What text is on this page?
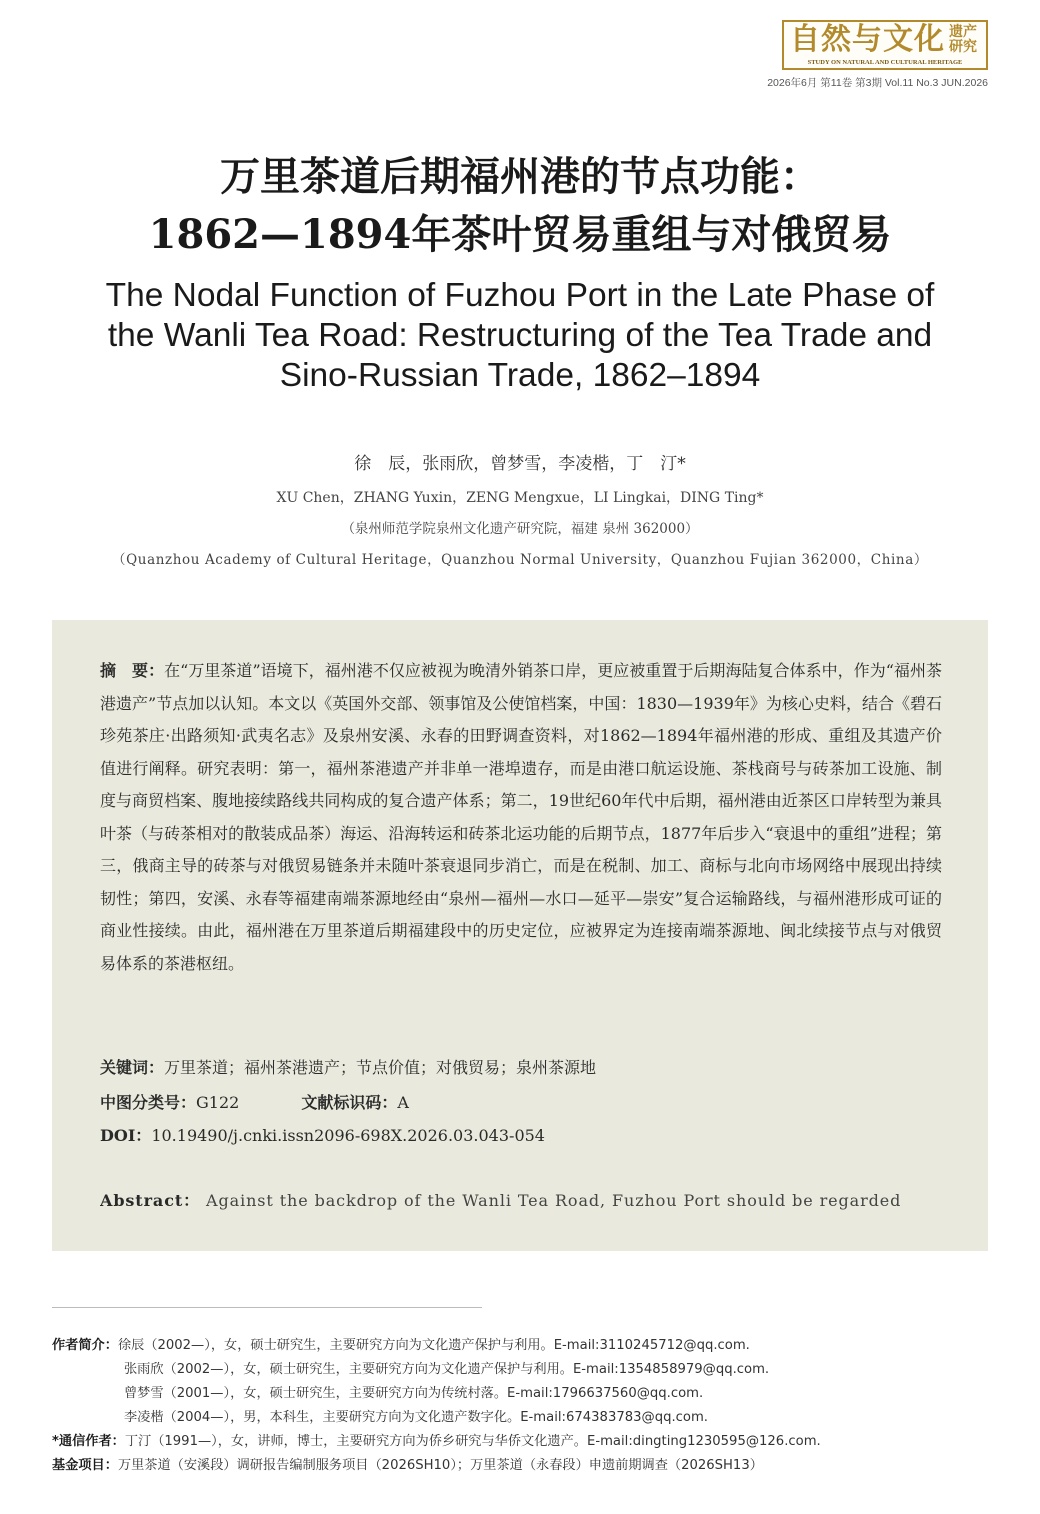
自然与文化 遗产
研究
STUDY ON NATURAL AND CULTURAL HERITAGE
2026年6月 第11卷 第3期 Vol.11 No.3 JUN.2026
万里茶道后期福州港的节点功能：
1862—1894年茶叶贸易重组与对俄贸易
The Nodal Function of Fuzhou Port in the Late Phase of
the Wanli Tea Road: Restructuring of the Tea Trade and
Sino-Russian Trade, 1862–1894
徐　辰，张雨欣，曾梦雪，李凌楷，丁　汀*
XU Chen，ZHANG Yuxin，ZENG Mengxue，LI Lingkai，DING Ting*
（泉州师范学院泉州文化遗产研究院，福建 泉州 362000）
（Quanzhou Academy of Cultural Heritage，Quanzhou Normal University，Quanzhou Fujian 362000，China）
摘　要：在“万里茶道”语境下，福州港不仅应被视为晚清外销茶口岸，更应被重置于后期海陆复合体系中，作为“福州茶港遗产”节点加以认知。本文以《英国外交部、领事馆及公使馆档案，中国：1830—1939年》为核心史料，结合《碧石珍苑茶庄·出路须知·武夷名志》及泉州安溪、永春的田野调查资料，对1862—1894年福州港的形成、重组及其遗产价值进行阐释。研究表明：第一，福州茶港遗产并非单一港埠遗存，而是由港口航运设施、茶栈商号与砖茶加工设施、制度与商贸档案、腹地接续路线共同构成的复合遗产体系；第二，19世纪60年代中后期，福州港由近茶区口岸转型为兼具叶茶（与砖茶相对的散装成品茶）海运、沿海转运和砖茶北运功能的后期节点，1877年后步入“衰退中的重组”进程；第三，俄商主导的砖茶与对俄贸易链条并未随叶茶衰退同步消亡，而是在税制、加工、商标与北向市场网络中展现出持续韧性；第四，安溪、永春等福建南端茶源地经由“泉州—福州—水口—延平—崇安”复合运输路线，与福州港形成可证的商业性接续。由此，福州港在万里茶道后期福建段中的历史定位，应被界定为连接南端茶源地、闽北续接节点与对俄贸易体系的茶港枢纽。
关键词：万里茶道；福州茶港遗产；节点价值；对俄贸易；泉州茶源地
中图分类号：G122	文献标识码：A
DOI：10.19490/j.cnki.issn2096-698X.2026.03.043-054
Abstract： Against the backdrop of the Wanli Tea Road, Fuzhou Port should be regarded
作者简介：徐辰（2002—），女，硕士研究生，主要研究方向为文化遗产保护与利用。E-mail:3110245712@qq.com.
张雨欣（2002—），女，硕士研究生，主要研究方向为文化遗产保护与利用。E-mail:1354858979@qq.com.
曾梦雪（2001—），女，硕士研究生，主要研究方向为传统村落。E-mail:1796637560@qq.com.
李凌楷（2004—），男，本科生，主要研究方向为文化遗产数字化。E-mail:674383783@qq.com.
*通信作者：丁汀（1991—），女，讲师，博士，主要研究方向为侨乡研究与华侨文化遗产。E-mail:dingting1230595@126.com.
基金项目：万里茶道（安溪段）调研报告编制服务项目（2026SH10）；万里茶道（永春段）申遗前期调查（2026SH13）
